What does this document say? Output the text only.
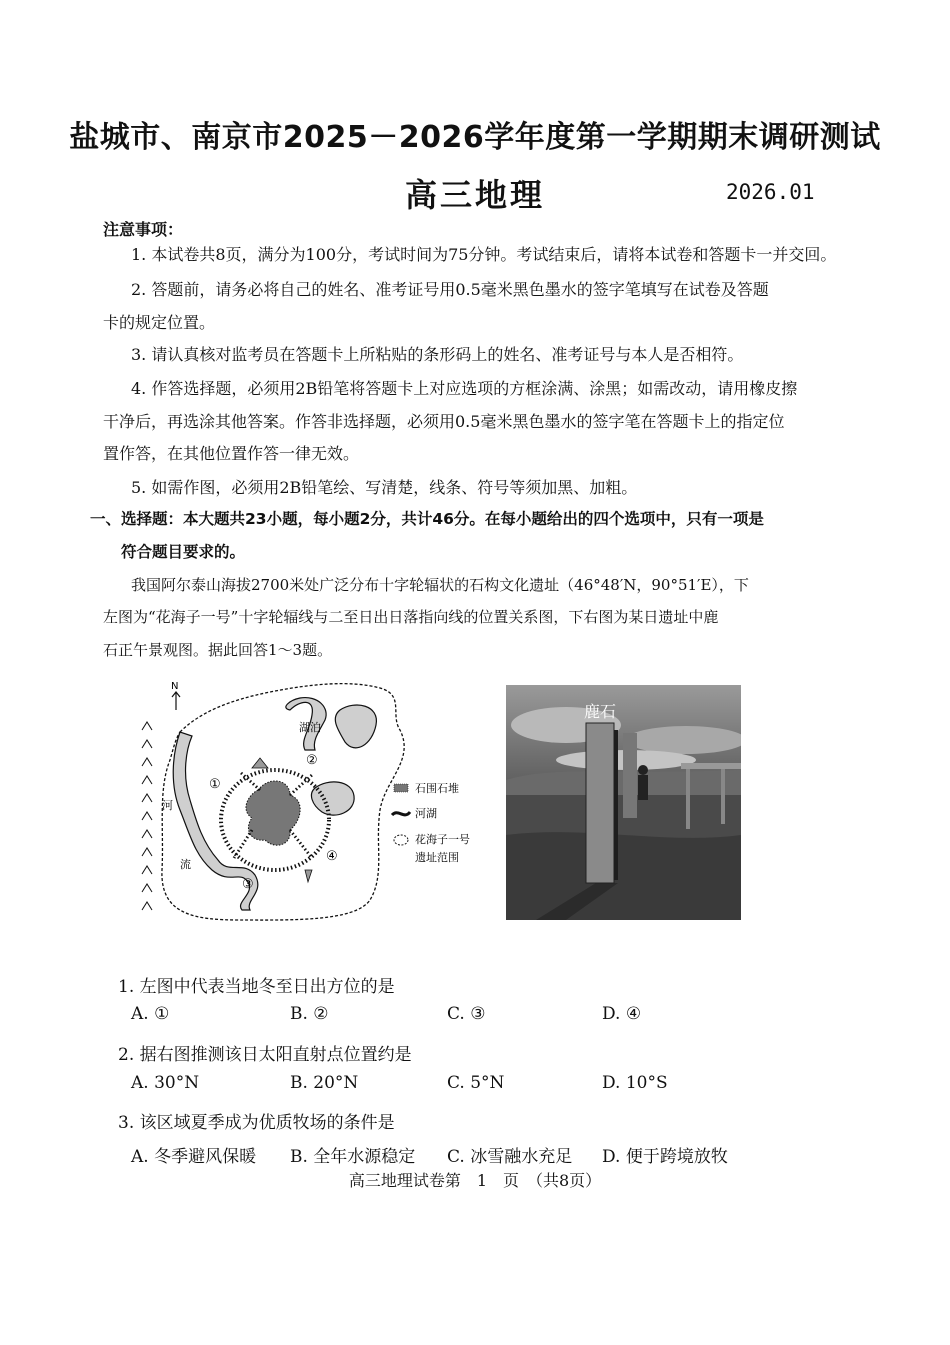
盐城市、南京市2025－2026学年度第一学期期末调研测试
高三地理	2026.01
注意事项：
1. 本试卷共8页，满分为100分，考试时间为75分钟。考试结束后，请将本试卷和答题卡一并交回。
2. 答题前，请务必将自己的姓名、准考证号用0.5毫米黑色墨水的签字笔填写在试卷及答题
卡的规定位置。
3. 请认真核对监考员在答题卡上所粘贴的条形码上的姓名、准考证号与本人是否相符。
4. 作答选择题，必须用2B铅笔将答题卡上对应选项的方框涂满、涂黑；如需改动，请用橡皮擦
干净后，再选涂其他答案。作答非选择题，必须用0.5毫米黑色墨水的签字笔在答题卡上的指定位
置作答，在其他位置作答一律无效。
5. 如需作图，必须用2B铅笔绘、写清楚，线条、符号等须加黑、加粗。
一、选择题：本大题共23小题，每小题2分，共计46分。在每小题给出的四个选项中，只有一项是
符合题目要求的。
我国阿尔泰山海拔2700米处广泛分布十字轮辐状的石构文化遗址（46°48′N，90°51′E），下
左图为“花海子一号”十字轮辐线与二至日出日落指向线的位置关系图，下右图为某日遗址中鹿
石正午景观图。据此回答1～3题。
N
湖泊
河
流
①
②
③
④
石围石堆
河湖
花海子一号
遗址范围
鹿石
1. 左图中代表当地冬至日出方位的是
A. ①	B. ②	C. ③	D. ④
2. 据右图推测该日太阳直射点位置约是
A. 30°N	B. 20°N	C. 5°N	D. 10°S
3. 该区域夏季成为优质牧场的条件是
A. 冬季避风保暖 B. 全年水源稳定 C. 冰雪融水充足 D. 便于跨境放牧
高三地理试卷第　1　页　（共8页）
